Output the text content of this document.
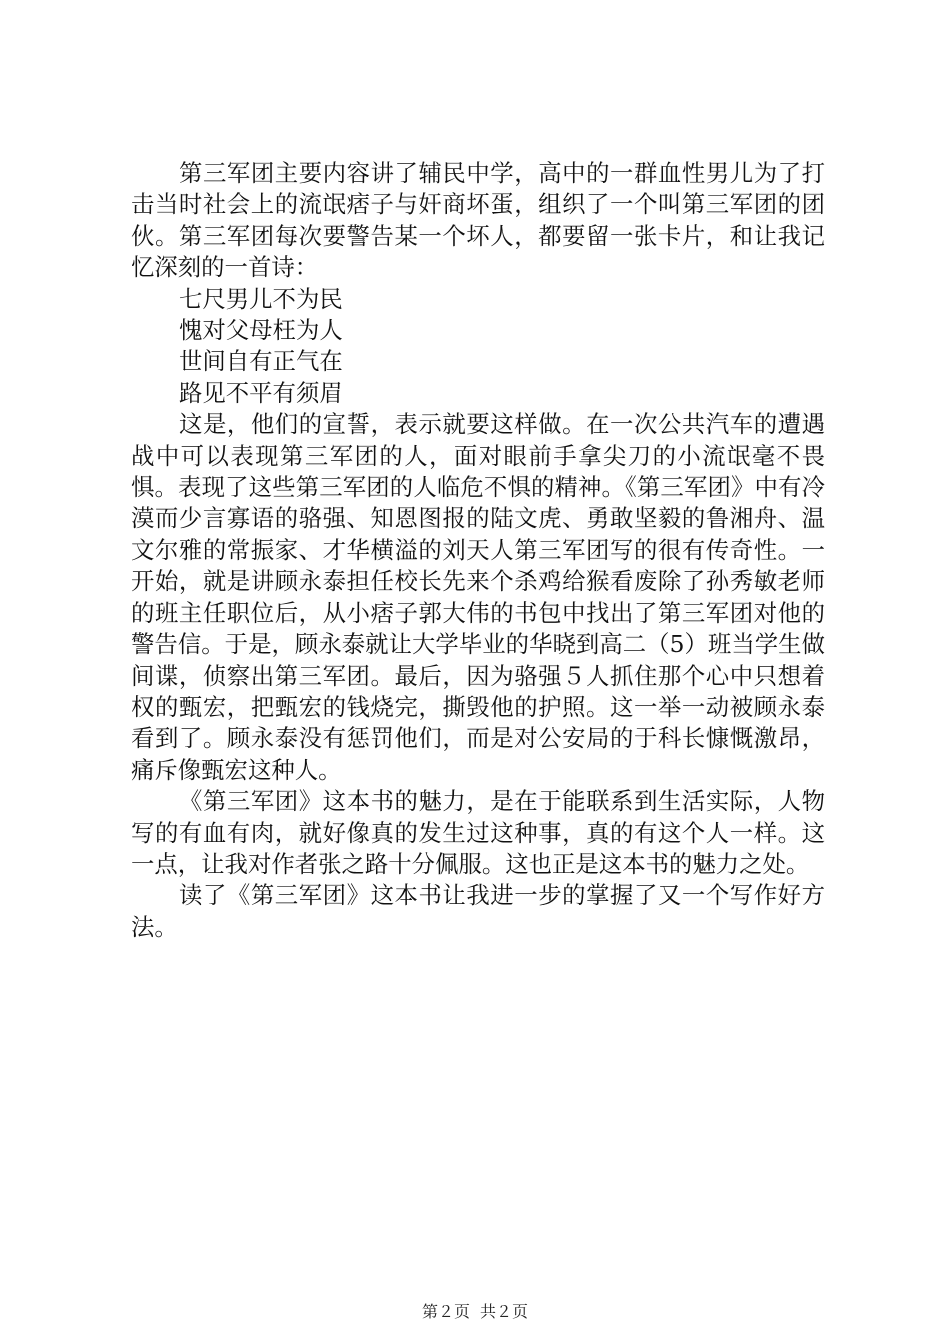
第三军团主要内容讲了辅民中学，高中的一群血性男儿为了打击当时社会上的流氓痞子与奸商坏蛋，组织了一个叫第三军团的团伙。第三军团每次要警告某一个坏人，都要留一张卡片，和让我记忆深刻的一首诗：

七尺男儿不为民

愧对父母枉为人

世间自有正气在

路见不平有须眉

这是，他们的宣誓，表示就要这样做。在一次公共汽车的遭遇战中可以表现第三军团的人，面对眼前手拿尖刀的小流氓毫不畏惧。表现了这些第三军团的人临危不惧的精神。《第三军团》中有冷漠而少言寡语的骆强、知恩图报的陆文虎、勇敢坚毅的鲁湘舟、温文尔雅的常振家、才华横溢的刘天人第三军团写的很有传奇性。一开始，就是讲顾永泰担任校长先来个杀鸡给猴看废除了孙秀敏老师的班主任职位后，从小痞子郭大伟的书包中找出了第三军团对他的警告信。于是，顾永泰就让大学毕业的华晓到高二（5）班当学生做间谍，侦察出第三军团。最后，因为骆强５人抓住那个心中只想着权的甄宏，把甄宏的钱烧完，撕毁他的护照。这一举一动被顾永泰看到了。顾永泰没有惩罚他们，而是对公安局的于科长慷慨激昂，痛斥像甄宏这种人。

《第三军团》这本书的魅力，是在于能联系到生活实际，人物写的有血有肉，就好像真的发生过这种事，真的有这个人一样。这一点，让我对作者张之路十分佩服。这也正是这本书的魅力之处。

读了《第三军团》这本书让我进一步的掌握了又一个写作好方法。

第２页 共２页
